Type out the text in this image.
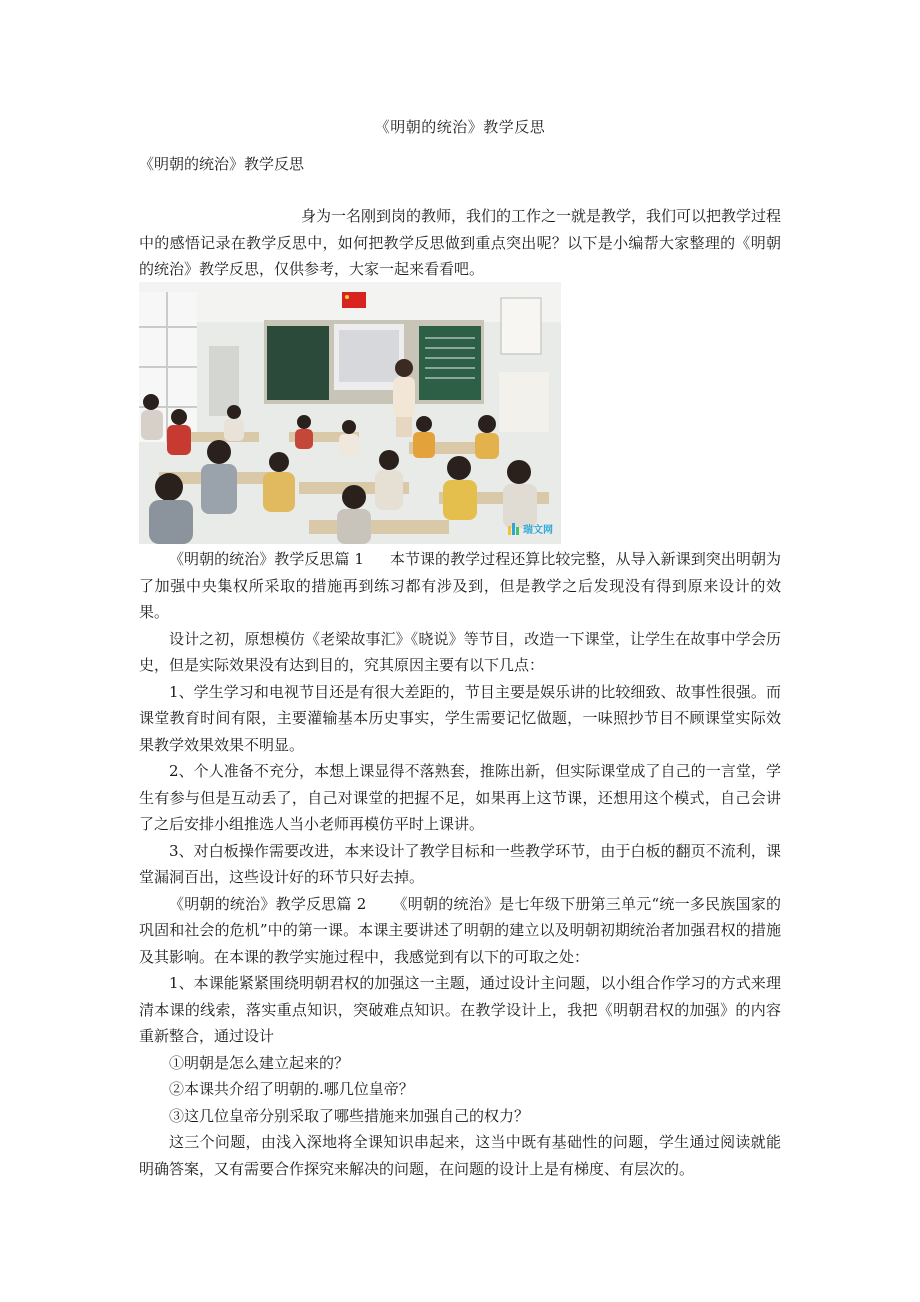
《明朝的统治》教学反思
《明朝的统治》教学反思

身为一名刚到岗的教师，我们的工作之一就是教学，我们可以把教学过程中的感悟记录在教学反思中，如何把教学反思做到重点突出呢？以下是小编帮大家整理的《明朝的统治》教学反思，仅供参考，大家一起来看看吧。

瑞文网

《明朝的统治》教学反思篇 1 本节课的教学过程还算比较完整，从导入新课到突出明朝为了加强中央集权所采取的措施再到练习都有涉及到，但是教学之后发现没有得到原来设计的效果。

设计之初，原想模仿《老梁故事汇》《晓说》等节目，改造一下课堂，让学生在故事中学会历史，但是实际效果没有达到目的，究其原因主要有以下几点：

1、学生学习和电视节目还是有很大差距的，节目主要是娱乐讲的比较细致、故事性很强。而课堂教育时间有限，主要灌输基本历史事实，学生需要记忆做题，一味照抄节目不顾课堂实际效果教学效果效果不明显。

2、个人准备不充分，本想上课显得不落熟套，推陈出新，但实际课堂成了自己的一言堂，学生有参与但是互动丢了，自己对课堂的把握不足，如果再上这节课，还想用这个模式，自己会讲了之后安排小组推选人当小老师再模仿平时上课讲。

3、对白板操作需要改进，本来设计了教学目标和一些教学环节，由于白板的翻页不流利，课堂漏洞百出，这些设计好的环节只好去掉。

《明朝的统治》教学反思篇 2 《明朝的统治》是七年级下册第三单元“统一多民族国家的巩固和社会的危机”中的第一课。本课主要讲述了明朝的建立以及明朝初期统治者加强君权的措施及其影响。在本课的教学实施过程中，我感觉到有以下的可取之处：

1、本课能紧紧围绕明朝君权的加强这一主题，通过设计主问题，以小组合作学习的方式来理清本课的线索，落实重点知识，突破难点知识。在教学设计上，我把《明朝君权的加强》的内容重新整合，通过设计

①明朝是怎么建立起来的？

②本课共介绍了明朝的.哪几位皇帝？

③这几位皇帝分别采取了哪些措施来加强自己的权力？

这三个问题，由浅入深地将全课知识串起来，这当中既有基础性的问题，学生通过阅读就能明确答案，又有需要合作探究来解决的问题，在问题的设计上是有梯度、有层次的。
